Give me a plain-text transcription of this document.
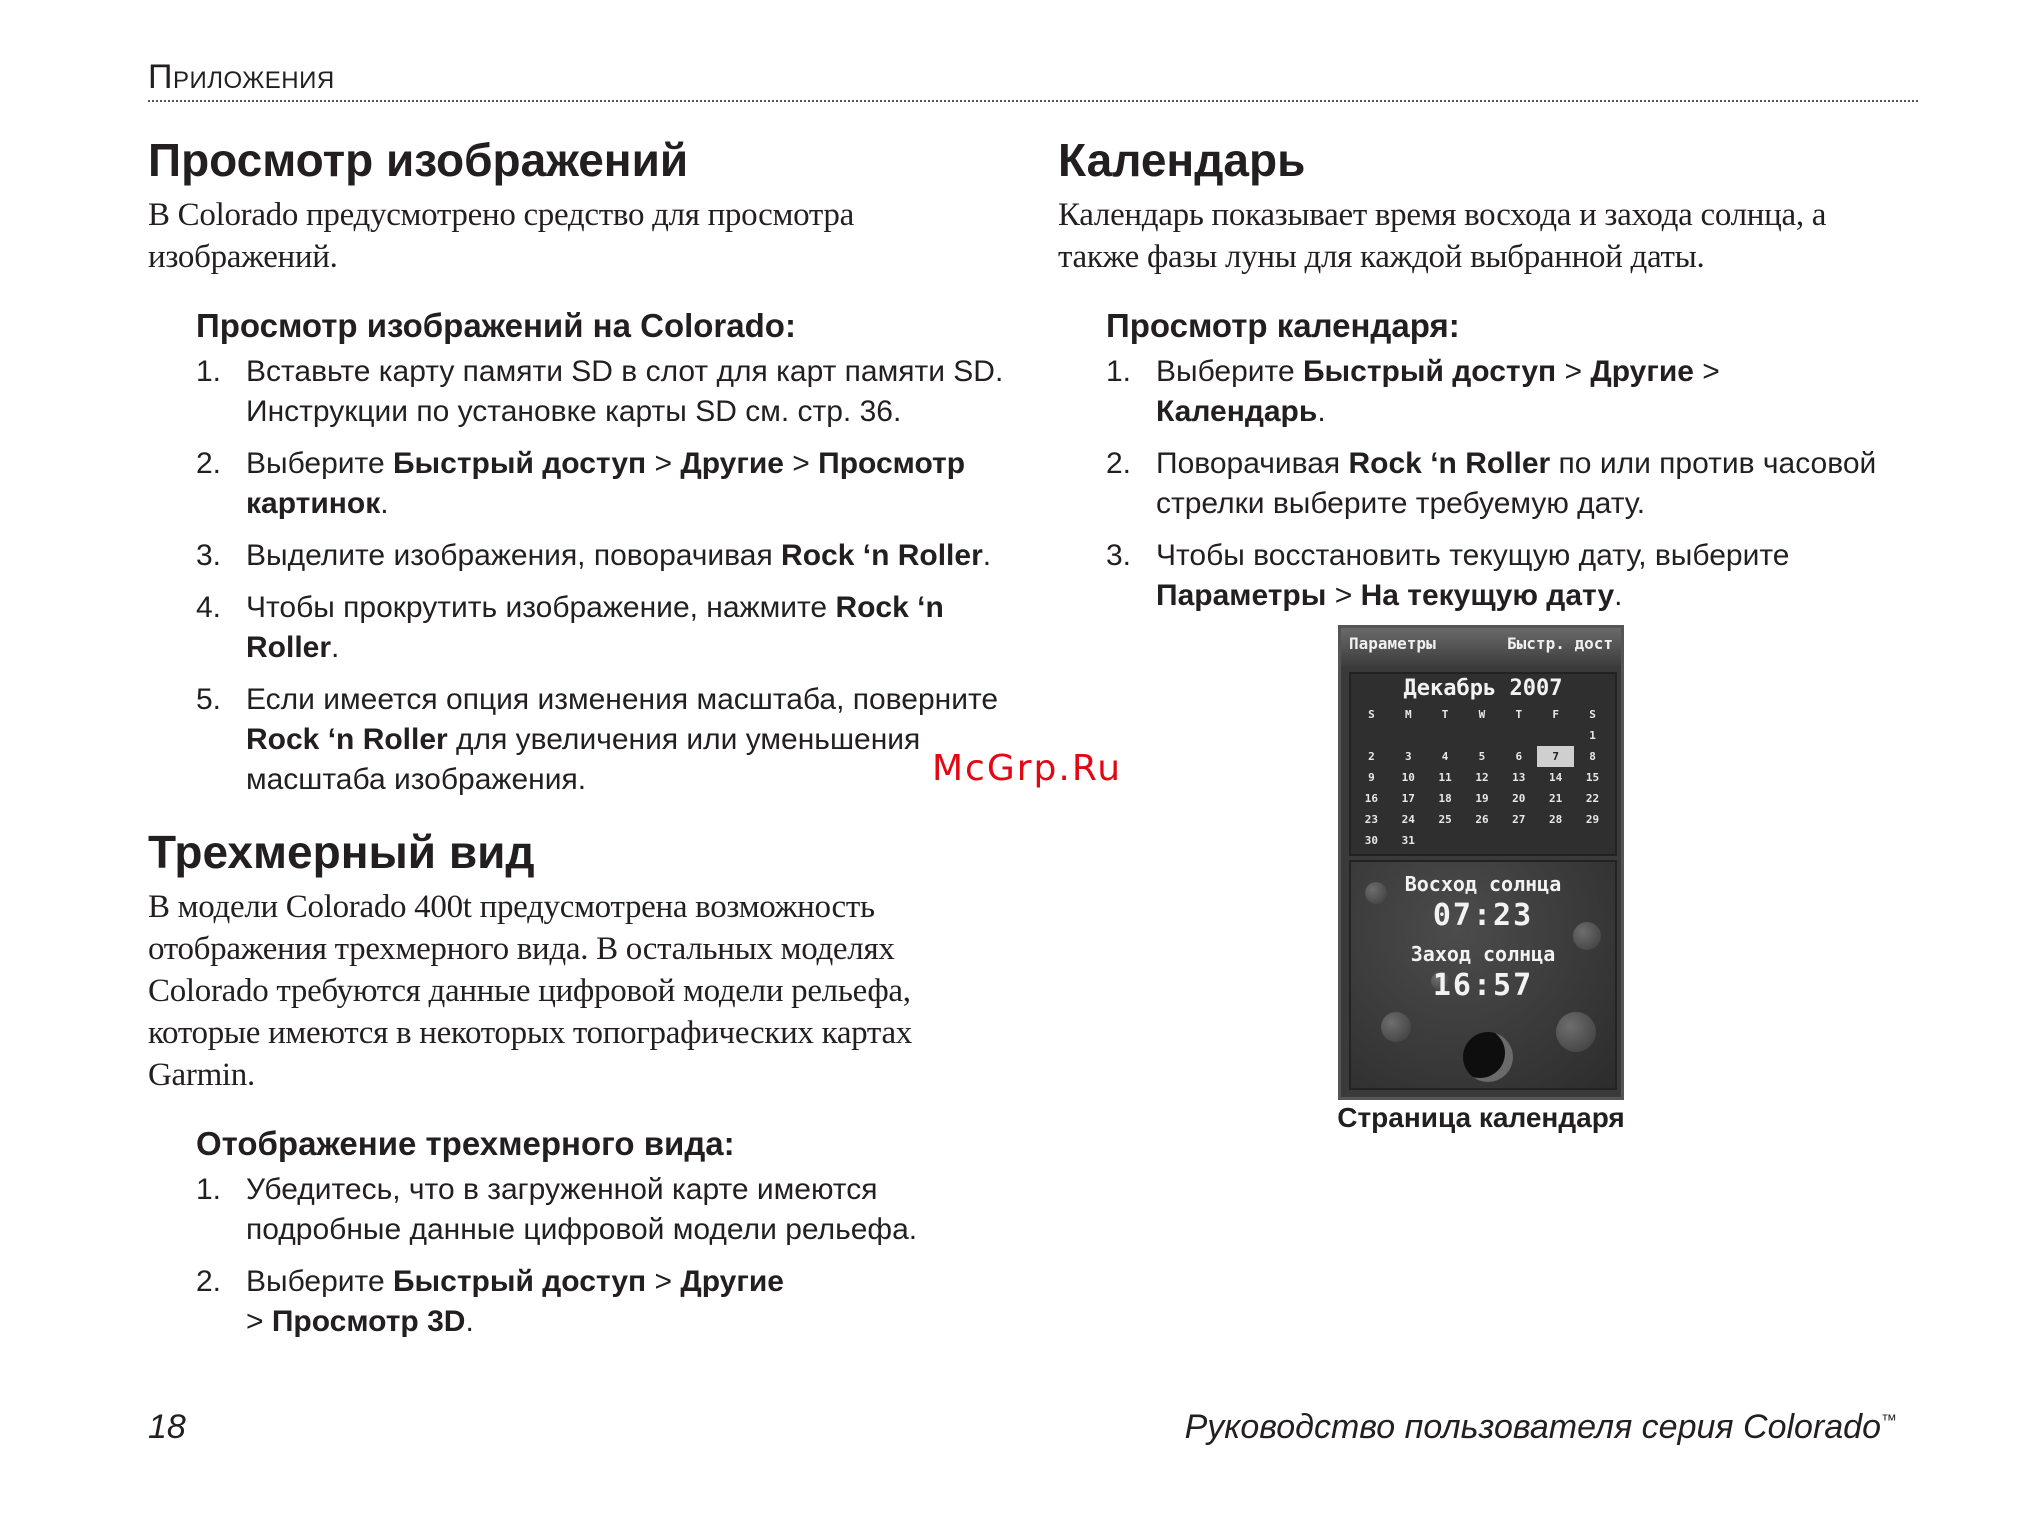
Приложения
Просмотр изображений

В Colorado предусмотрено средство для просмотра изображений.

Просмотр изображений на Colorado:
1. Вставьте карту памяти SD в слот для карт памяти SD. Инструкции по установке карты SD см. стр. 36.
2. Выберите Быстрый доступ > Другие > Просмотр картинок.
3. Выделите изображения, поворачивая Rock ‘n Roller.
4. Чтобы прокрутить изображение, нажмите Rock ‘n Roller.
5. Если имеется опция изменения масштаба, поверните Rock ‘n Roller для увеличения или уменьшения масштаба изображения.
Трехмерный вид

В модели Colorado 400t предусмотрена возможность отображения трехмерного вида. В остальных моделях Colorado требуются данные цифровой модели рельефа, которые имеются в некоторых топографических картах Garmin.

Отображение трехмерного вида:
1. Убедитесь, что в загруженной карте имеются подробные данные цифровой модели рельефа.
2. Выберите Быстрый доступ > Другие > Просмотр 3D.
Календарь

Календарь показывает время восхода и захода солнца, а также фазы луны для каждой выбранной даты.

Просмотр календаря:
1. Выберите Быстрый доступ > Другие > Календарь.
2. Поворачивая Rock ‘n Roller по или против часовой стрелки выберите требуемую дату.
3. Чтобы восстановить текущую дату, выберите Параметры > На текущую дату.
Параметры	Быстр. дост
Декабрь 2007
S	M	T	W	T	F	S
						1
2	3	4	5	6	7	8
9	10	11	12	13	14	15
16	17	18	19	20	21	22
23	24	25	26	27	28	29
30	31					
Восход солнца
07:23
Заход солнца
16:57
Страница календаря
McGrp.Ru
18	Руководство пользователя серия Colorado™
